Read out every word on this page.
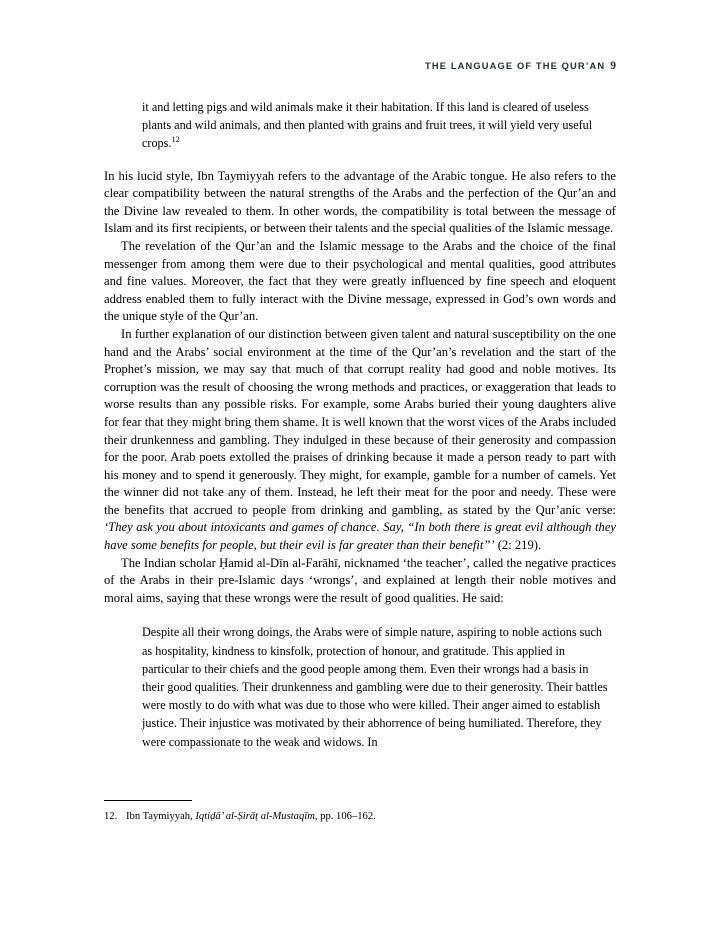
THE LANGUAGE OF THE QUR’AN 9

it and letting pigs and wild animals make it their habitation. If this land is cleared of useless plants and wild animals, and then planted with grains and fruit trees, it will yield very useful crops.$^{12}$

In his lucid style, Ibn Taymiyyah refers to the advantage of the Arabic tongue. He also refers to the clear compatibility between the natural strengths of the Arabs and the perfection of the Qur’an and the Divine law revealed to them. In other words, the compatibility is total between the message of Islam and its first recipients, or between their talents and the special qualities of the Islamic message.

The revelation of the Qur’an and the Islamic message to the Arabs and the choice of the final messenger from among them were due to their psychological and mental qualities, good attributes and fine values. Moreover, the fact that they were greatly influenced by fine speech and eloquent address enabled them to fully interact with the Divine message, expressed in God’s own words and the unique style of the Qur’an.

In further explanation of our distinction between given talent and natural susceptibility on the one hand and the Arabs’ social environment at the time of the Qur’an’s revelation and the start of the Prophet’s mission, we may say that much of that corrupt reality had good and noble motives. Its corruption was the result of choosing the wrong methods and practices, or exaggeration that leads to worse results than any possible risks. For example, some Arabs buried their young daughters alive for fear that they might bring them shame. It is well known that the worst vices of the Arabs included their drunkenness and gambling. They indulged in these because of their generosity and compassion for the poor. Arab poets extolled the praises of drinking because it made a person ready to part with his money and to spend it generously. They might, for example, gamble for a number of camels. Yet the winner did not take any of them. Instead, he left their meat for the poor and needy. These were the benefits that accrued to people from drinking and gambling, as stated by the Qur’anic verse: ‘They ask you about intoxicants and games of chance. Say, “In both there is great evil although they have some benefits for people, but their evil is far greater than their benefit”’ (2: 219).

The Indian scholar Ḥamid al-Dīn al-Farāhī, nicknamed ‘the teacher’, called the negative practices of the Arabs in their pre-Islamic days ‘wrongs’, and explained at length their noble motives and moral aims, saying that these wrongs were the result of good qualities. He said:

Despite all their wrong doings, the Arabs were of simple nature, aspiring to noble actions such as hospitality, kindness to kinsfolk, protection of honour, and gratitude. This applied in particular to their chiefs and the good people among them. Even their wrongs had a basis in their good qualities. Their drunkenness and gambling were due to their generosity. Their battles were mostly to do with what was due to those who were killed. Their anger aimed to establish justice. Their injustice was motivated by their abhorrence of being humiliated. Therefore, they were compassionate to the weak and widows. In

12. Ibn Taymiyyah, Iqtiḍā’ al-Ṣirāṭ al-Mustaqīm, pp. 106–162.
